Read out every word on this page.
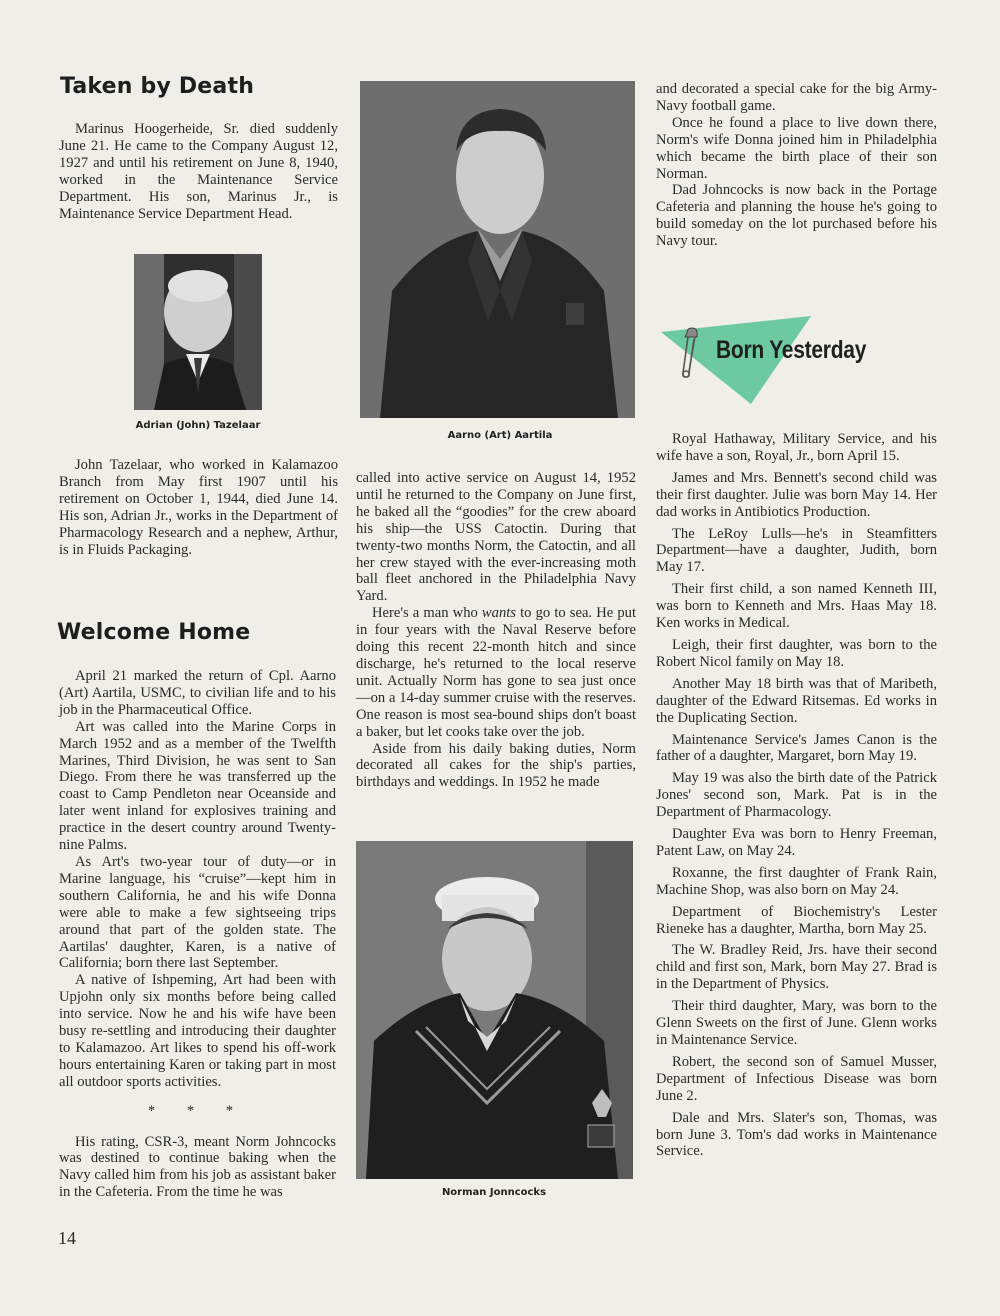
Taken by Death

Marinus Hoogerheide, Sr. died suddenly June 21. He came to the Company August 12, 1927 and until his retirement on June 8, 1940, worked in the Maintenance Service Department. His son, Marinus Jr., is Maintenance Service Department Head.

Adrian (John) Tazelaar

John Tazelaar, who worked in Kalamazoo Branch from May first 1907 until his retirement on October 1, 1944, died June 14. His son, Adrian Jr., works in the Department of Pharmacology Research and a nephew, Arthur, is in Fluids Packaging.

Welcome Home

April 21 marked the return of Cpl. Aarno (Art) Aartila, USMC, to civilian life and to his job in the Pharmaceutical Office.

Art was called into the Marine Corps in March 1952 and as a member of the Twelfth Marines, Third Division, he was sent to San Diego. From there he was transferred up the coast to Camp Pendleton near Oceanside and later went inland for explosives training and practice in the desert country around Twenty-nine Palms.

As Art's two-year tour of duty—or in Marine language, his “cruise”—kept him in southern California, he and his wife Donna were able to make a few sightseeing trips around that part of the golden state. The Aartilas' daughter, Karen, is a native of California; born there last September.

A native of Ishpeming, Art had been with Upjohn only six months before being called into service. Now he and his wife have been busy re-settling and introducing their daughter to Kalamazoo. Art likes to spend his off-work hours entertaining Karen or taking part in most all outdoor sports activities.

* * *

His rating, CSR-3, meant Norm Johncocks was destined to continue baking when the Navy called him from his job as assistant baker in the Cafeteria. From the time he was

14
Aarno (Art) Aartila

called into active service on August 14, 1952 until he returned to the Company on June first, he baked all the “goodies” for the crew aboard his ship—the USS Catoctin. During that twenty-two months Norm, the Catoctin, and all her crew stayed with the ever-increasing moth ball fleet anchored in the Philadelphia Navy Yard.

Here's a man who wants to go to sea. He put in four years with the Naval Reserve before doing this recent 22-month hitch and since discharge, he's returned to the local reserve unit. Actually Norm has gone to sea just once—on a 14-day summer cruise with the reserves. One reason is most sea-bound ships don't boast a baker, but let cooks take over the job.

Aside from his daily baking duties, Norm decorated all cakes for the ship's parties, birthdays and weddings. In 1952 he made

Norman Jonncocks

and decorated a special cake for the big Army-Navy football game.

Once he found a place to live down there, Norm's wife Donna joined him in Philadelphia which became the birth place of their son Norman.

Dad Johncocks is now back in the Portage Cafeteria and planning the house he's going to build someday on the lot purchased before his Navy tour.

Born Yesterday

Royal Hathaway, Military Service, and his wife have a son, Royal, Jr., born April 15.

James and Mrs. Bennett's second child was their first daughter. Julie was born May 14. Her dad works in Antibiotics Production.

The LeRoy Lulls—he's in Steamfitters Department—have a daughter, Judith, born May 17.

Their first child, a son named Kenneth III, was born to Kenneth and Mrs. Haas May 18. Ken works in Medical.

Leigh, their first daughter, was born to the Robert Nicol family on May 18.

Another May 18 birth was that of Maribeth, daughter of the Edward Ritsemas. Ed works in the Duplicating Section.

Maintenance Service's James Canon is the father of a daughter, Margaret, born May 19.

May 19 was also the birth date of the Patrick Jones' second son, Mark. Pat is in the Department of Pharmacology.

Daughter Eva was born to Henry Freeman, Patent Law, on May 24.

Roxanne, the first daughter of Frank Rain, Machine Shop, was also born on May 24.

Department of Biochemistry's Lester Rieneke has a daughter, Martha, born May 25.

The W. Bradley Reid, Jrs. have their second child and first son, Mark, born May 27. Brad is in the Department of Physics.

Their third daughter, Mary, was born to the Glenn Sweets on the first of June. Glenn works in Maintenance Service.

Robert, the second son of Samuel Musser, Department of Infectious Disease was born June 2.

Dale and Mrs. Slater's son, Thomas, was born June 3. Tom's dad works in Maintenance Service.
